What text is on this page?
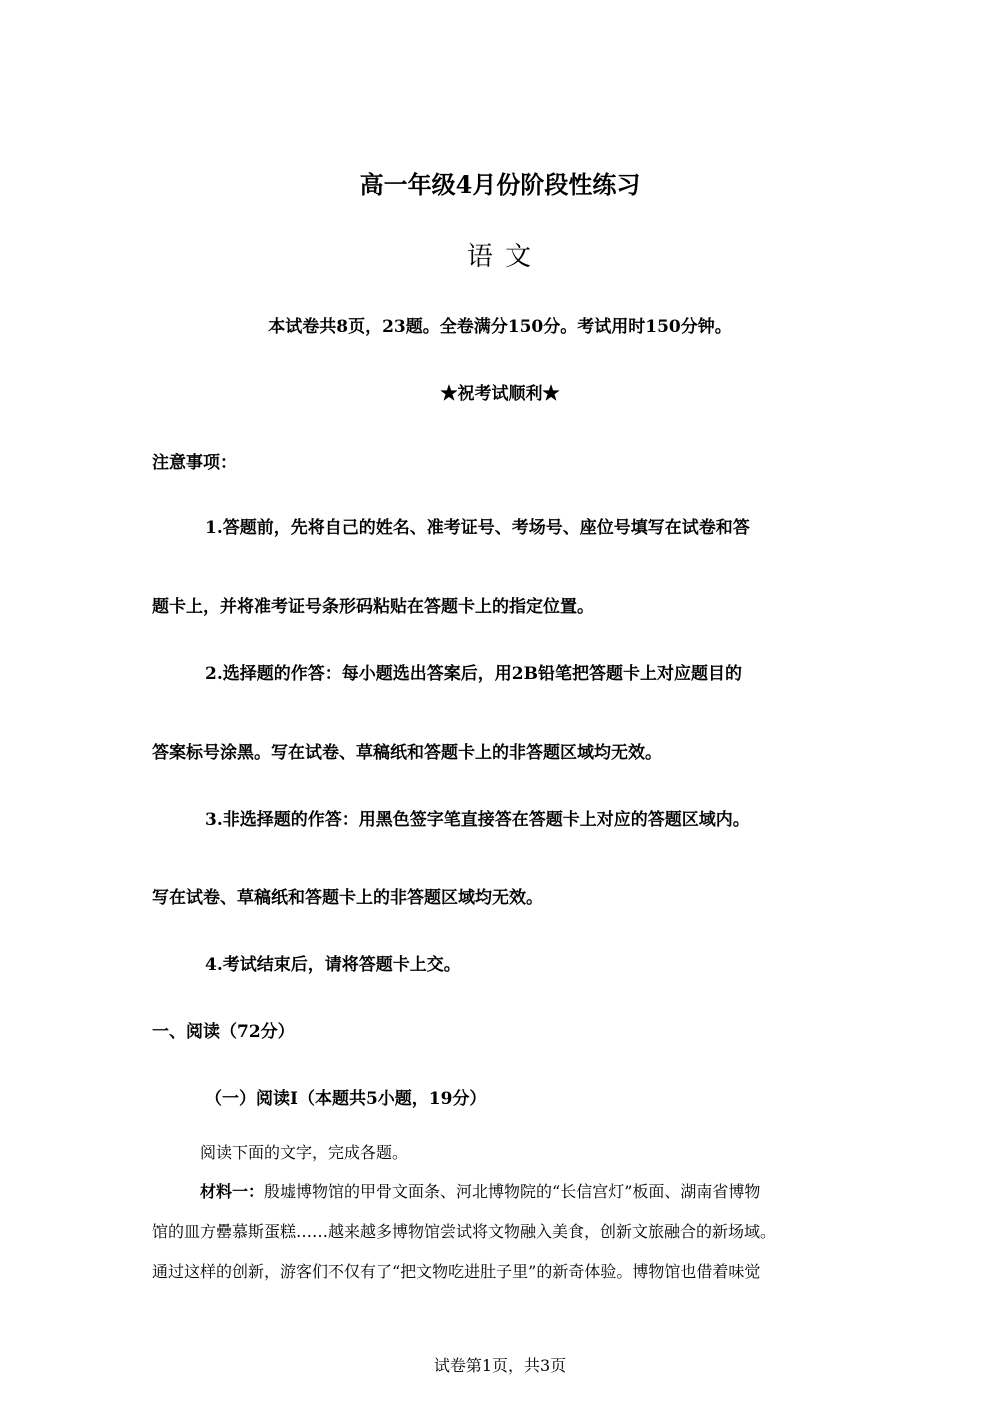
高一年级4月份阶段性练习
语 文
本试卷共8页，23题。全卷满分150分。考试用时150分钟。
★祝考试顺利★
注意事项：
1.答题前，先将自己的姓名、准考证号、考场号、座位号填写在试卷和答
题卡上，并将准考证号条形码粘贴在答题卡上的指定位置。
2.选择题的作答：每小题选出答案后，用2B铅笔把答题卡上对应题目的
答案标号涂黑。写在试卷、草稿纸和答题卡上的非答题区域均无效。
3.非选择题的作答：用黑色签字笔直接答在答题卡上对应的答题区域内。
写在试卷、草稿纸和答题卡上的非答题区域均无效。
4.考试结束后，请将答题卡上交。
一、阅读（72分）
（一）阅读Ⅰ（本题共5小题，19分）
阅读下面的文字，完成各题。
材料一：殷墟博物馆的甲骨文面条、河北博物院的“长信宫灯”板面、湖南省博物
馆的皿方罍慕斯蛋糕……越来越多博物馆尝试将文物融入美食，创新文旅融合的新场域。
通过这样的创新，游客们不仅有了“把文物吃进肚子里”的新奇体验。博物馆也借着味觉
试卷第1页，共3页
